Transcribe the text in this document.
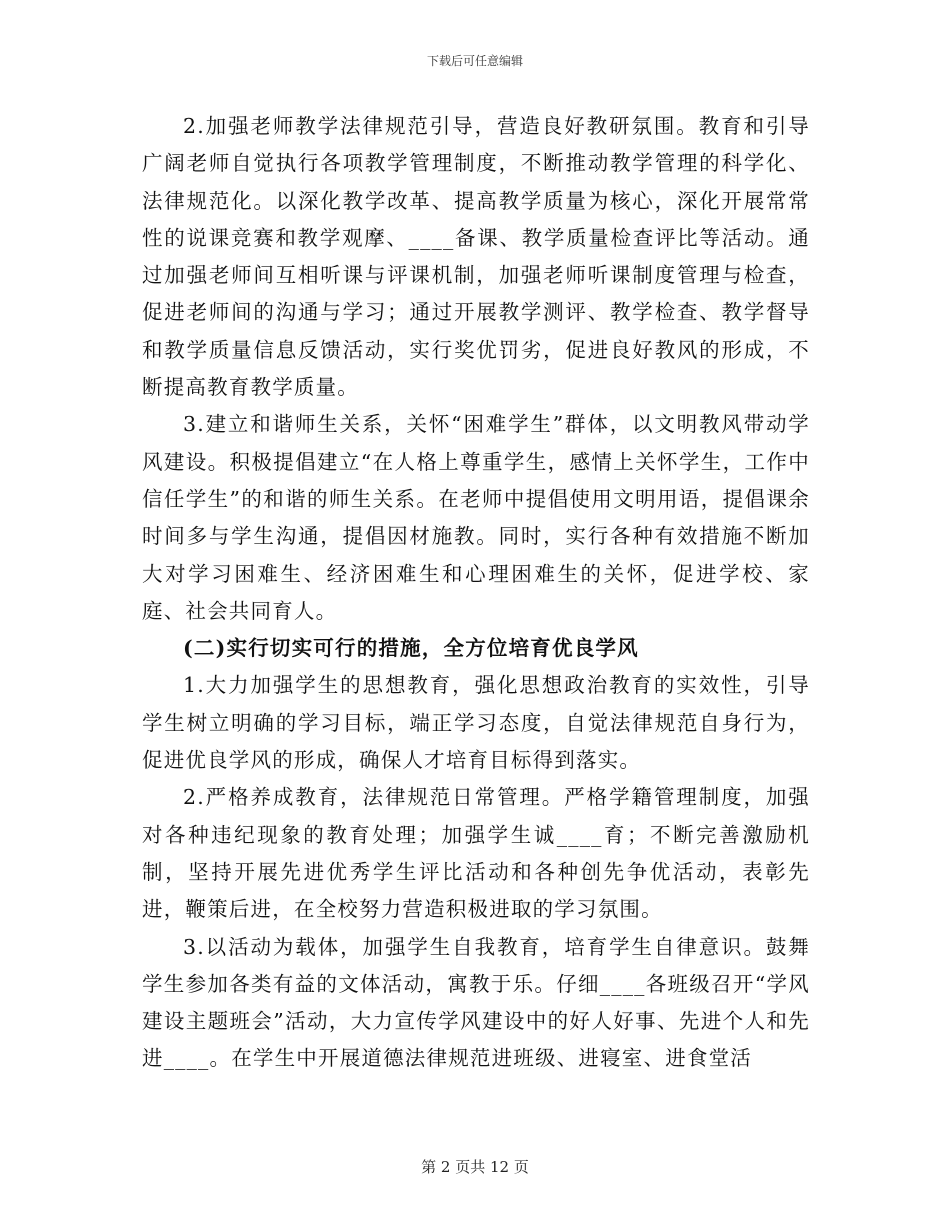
下载后可任意编辑

2.加强老师教学法律规范引导，营造良好教研氛围。教育和引导广阔老师自觉执行各项教学管理制度，不断推动教学管理的科学化、法律规范化。以深化教学改革、提高教学质量为核心，深化开展常常性的说课竞赛和教学观摩、____备课、教学质量检查评比等活动。通过加强老师间互相听课与评课机制，加强老师听课制度管理与检查，促进老师间的沟通与学习；通过开展教学测评、教学检查、教学督导和教学质量信息反馈活动，实行奖优罚劣，促进良好教风的形成，不断提高教育教学质量。

3.建立和谐师生关系，关怀“困难学生”群体，以文明教风带动学风建设。积极提倡建立“在人格上尊重学生，感情上关怀学生，工作中信任学生”的和谐的师生关系。在老师中提倡使用文明用语，提倡课余时间多与学生沟通，提倡因材施教。同时，实行各种有效措施不断加大对学习困难生、经济困难生和心理困难生的关怀，促进学校、家庭、社会共同育人。

(二)实行切实可行的措施，全方位培育优良学风

1.大力加强学生的思想教育，强化思想政治教育的实效性，引导学生树立明确的学习目标，端正学习态度，自觉法律规范自身行为，促进优良学风的形成，确保人才培育目标得到落实。

2.严格养成教育，法律规范日常管理。严格学籍管理制度，加强对各种违纪现象的教育处理；加强学生诚____育；不断完善激励机制，坚持开展先进优秀学生评比活动和各种创先争优活动，表彰先进，鞭策后进，在全校努力营造积极进取的学习氛围。

3.以活动为载体，加强学生自我教育，培育学生自律意识。鼓舞学生参加各类有益的文体活动，寓教于乐。仔细____各班级召开“学风建设主题班会”活动，大力宣传学风建设中的好人好事、先进个人和先进____。在学生中开展道德法律规范进班级、进寝室、进食堂活

第 2 页共 12 页
